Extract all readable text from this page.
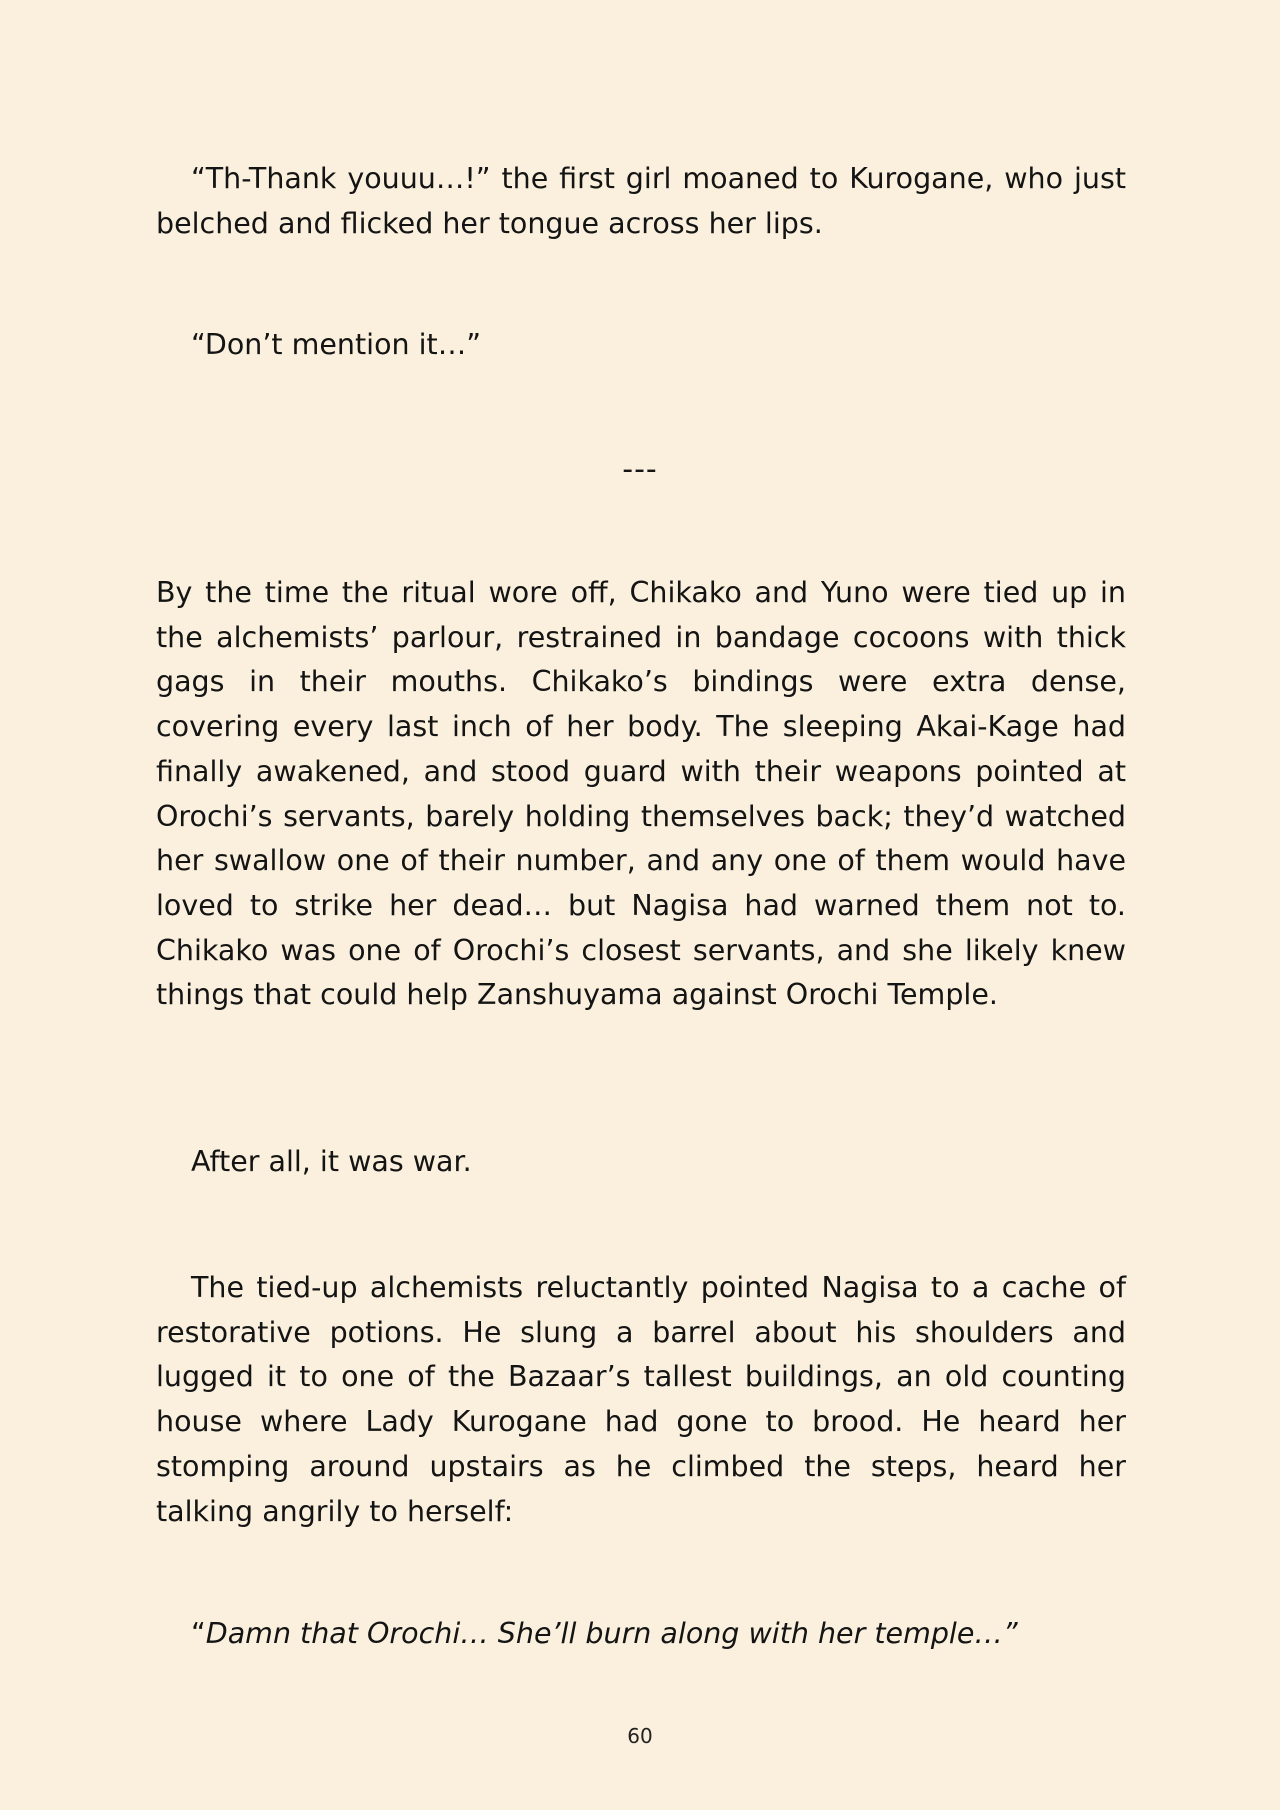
“Th-Thank youuu…!” the first girl moaned to Kurogane, who just belched and flicked her tongue across her lips.

“Don’t mention it…”

---

By the time the ritual wore off, Chikako and Yuno were tied up in the alchemists’ parlour, restrained in bandage cocoons with thick gags in their mouths. Chikako’s bindings were extra dense, covering every last inch of her body. The sleeping Akai-Kage had finally awakened, and stood guard with their weapons pointed at Orochi’s servants, barely holding themselves back; they’d watched her swallow one of their number, and any one of them would have loved to strike her dead… but Nagisa had warned them not to. Chikako was one of Orochi’s closest servants, and she likely knew things that could help Zanshuyama against Orochi Temple.

After all, it was war.

The tied-up alchemists reluctantly pointed Nagisa to a cache of restorative potions. He slung a barrel about his shoulders and lugged it to one of the Bazaar’s tallest buildings, an old counting house where Lady Kurogane had gone to brood. He heard her stomping around upstairs as he climbed the steps, heard her talking angrily to herself:

“Damn that Orochi… She’ll burn along with her temple…”

60
